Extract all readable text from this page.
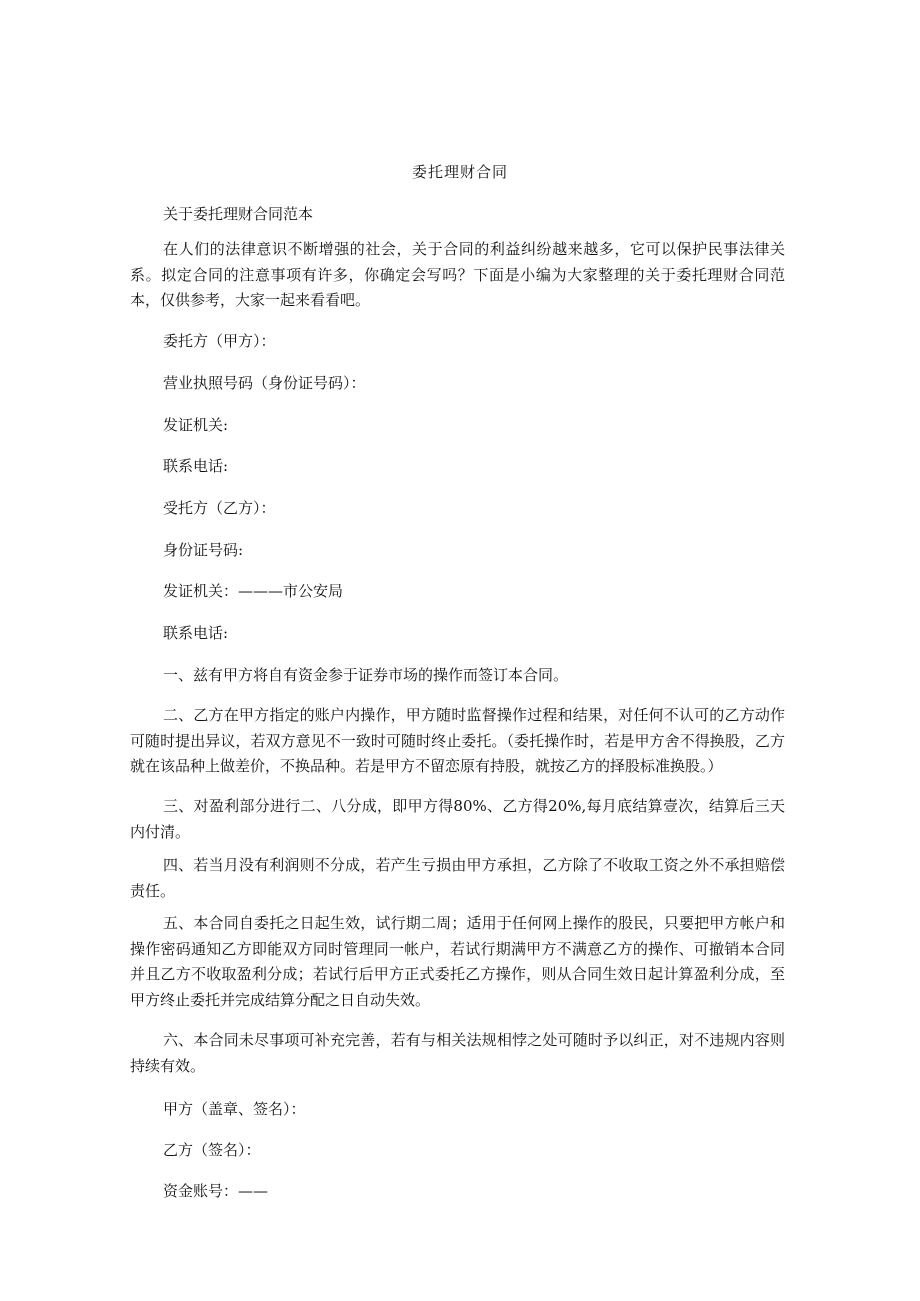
委托理财合同

关于委托理财合同范本

在人们的法律意识不断增强的社会，关于合同的利益纠纷越来越多，它可以保护民事法律关系。拟定合同的注意事项有许多，你确定会写吗？下面是小编为大家整理的关于委托理财合同范本，仅供参考，大家一起来看看吧。

委托方（甲方）：

营业执照号码（身份证号码）：

发证机关:

联系电话:

受托方（乙方）：

身份证号码:

发证机关：———市公安局

联系电话:

一、兹有甲方将自有资金参于证券市场的操作而签订本合同。

二、乙方在甲方指定的账户内操作，甲方随时监督操作过程和结果，对任何不认可的乙方动作可随时提出异议，若双方意见不一致时可随时终止委托。（委托操作时，若是甲方舍不得换股，乙方就在该品种上做差价，不换品种。若是甲方不留恋原有持股，就按乙方的择股标准换股。）

三、对盈利部分进行二、八分成，即甲方得80%、乙方得20%,每月底结算壹次，结算后三天内付清。

四、若当月没有利润则不分成，若产生亏损由甲方承担，乙方除了不收取工资之外不承担赔偿责任。

五、本合同自委托之日起生效，试行期二周；适用于任何网上操作的股民，只要把甲方帐户和操作密码通知乙方即能双方同时管理同一帐户，若试行期满甲方不满意乙方的操作、可撤销本合同并且乙方不收取盈利分成；若试行后甲方正式委托乙方操作，则从合同生效日起计算盈利分成，至甲方终止委托并完成结算分配之日自动失效。

六、本合同未尽事项可补充完善，若有与相关法规相悖之处可随时予以纠正，对不违规内容则持续有效。

甲方（盖章、签名）：

乙方（签名）：

资金账号：——
